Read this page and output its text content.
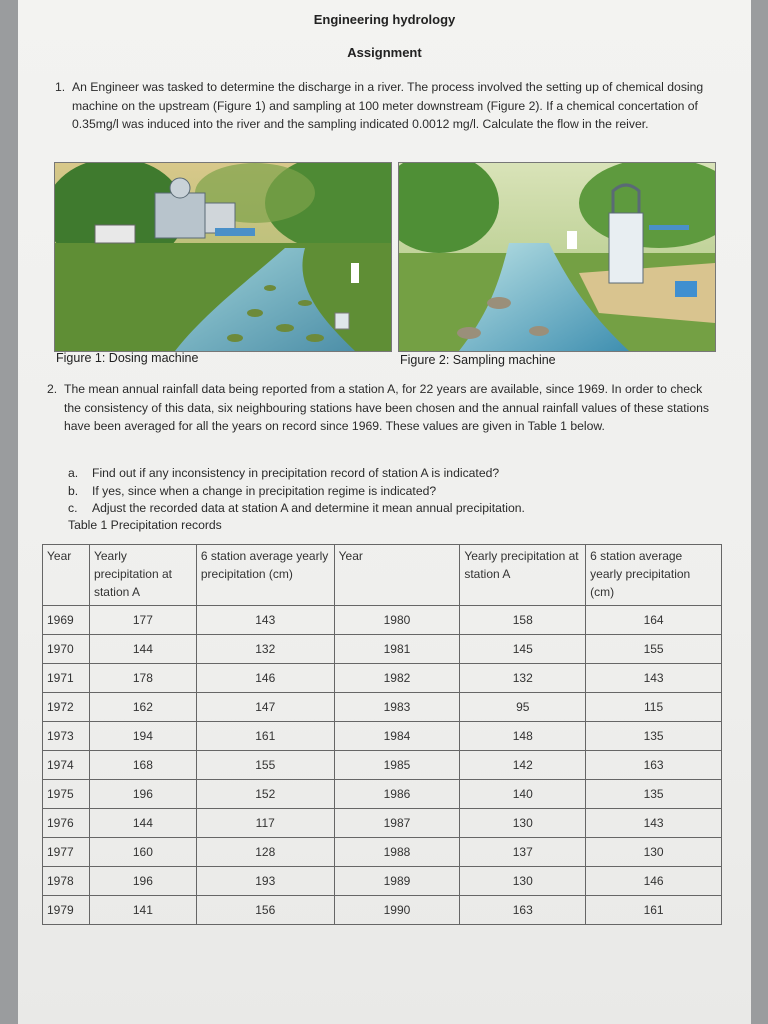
Engineering hydrology
Assignment
1. An Engineer was tasked to determine the discharge in a river. The process involved the setting up of chemical dosing machine on the upstream (Figure 1) and sampling at 100 meter downstream (Figure 2). If a chemical concertation of 0.35mg/l was induced into the river and the sampling indicated 0.0012 mg/l. Calculate the flow in the reiver.
Figure 1: Dosing machine	Figure 2: Sampling machine
2. The mean annual rainfall data being reported from a station A, for 22 years are available, since 1969. In order to check the consistency of this data, six neighbouring stations have been chosen and the annual rainfall values of these stations have been averaged for all the years on record since 1969. These values are given in Table 1 below.
a. Find out if any inconsistency in precipitation record of station A is indicated?
b. If yes, since when a change in precipitation regime is indicated?
c. Adjust the recorded data at station A and determine it mean annual precipitation.
Table 1 Precipitation records
Year	Yearly precipitation at station A	6 station average yearly precipitation (cm)	Year	Yearly precipitation at station A	6 station average yearly precipitation (cm)
1969	177	143	1980	158	164
1970	144	132	1981	145	155
1971	178	146	1982	132	143
1972	162	147	1983	95	115
1973	194	161	1984	148	135
1974	168	155	1985	142	163
1975	196	152	1986	140	135
1976	144	117	1987	130	143
1977	160	128	1988	137	130
1978	196	193	1989	130	146
1979	141	156	1990	163	161
